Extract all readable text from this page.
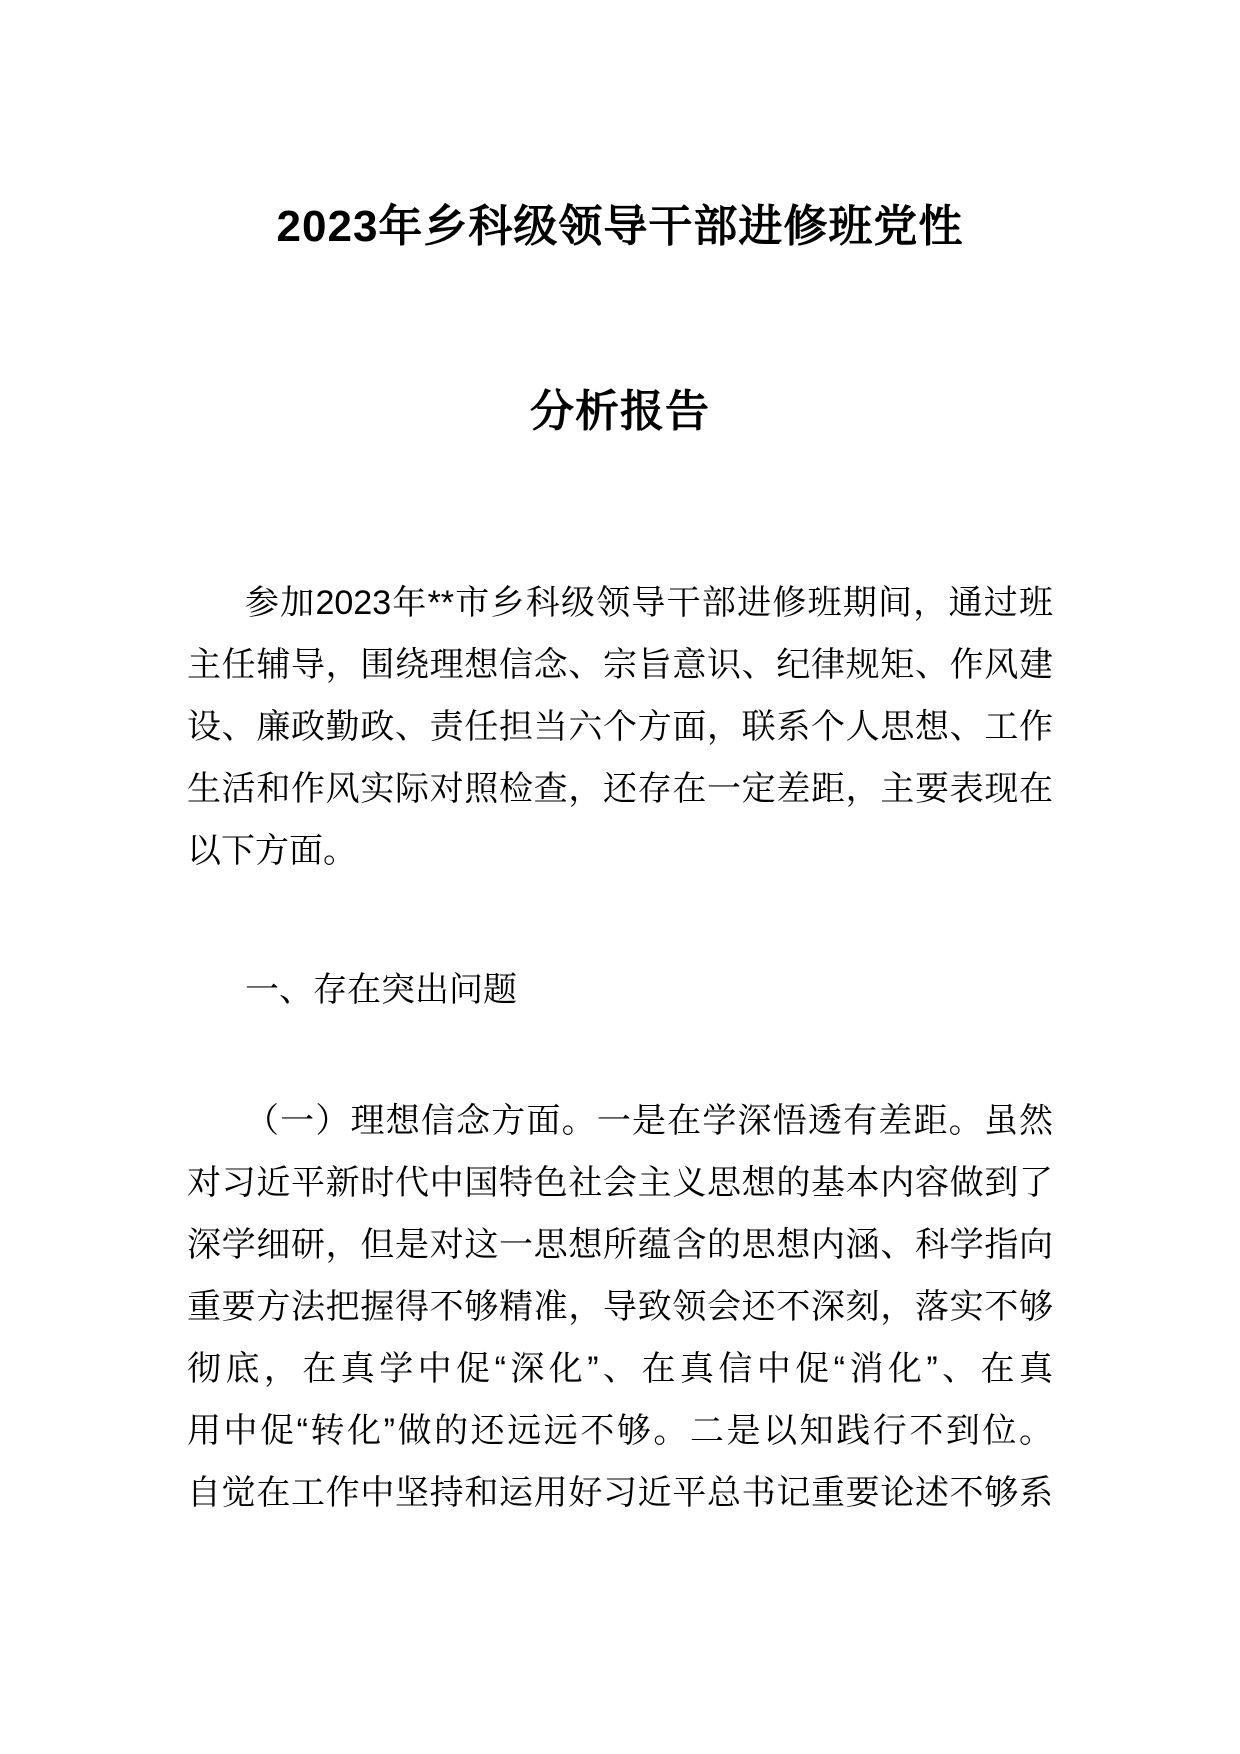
2023年乡科级领导干部进修班党性
分析报告
参加2023年**市乡科级领导干部进修班期间，通过班
主任辅导，围绕理想信念、宗旨意识、纪律规矩、作风建
设、廉政勤政、责任担当六个方面，联系个人思想、工作
生活和作风实际对照检查，还存在一定差距，主要表现在
以下方面。
一、存在突出问题
（一）理想信念方面。一是在学深悟透有差距。虽然
对习近平新时代中国特色社会主义思想的基本内容做到了
深学细研，但是对这一思想所蕴含的思想内涵、科学指向
重要方法把握得不够精准，导致领会还不深刻，落实不够
彻底，在真学中促“深化”、在真信中促“消化”、在真
用中促“转化”做的还远远不够。二是以知践行不到位。
自觉在工作中坚持和运用好习近平总书记重要论述不够系
